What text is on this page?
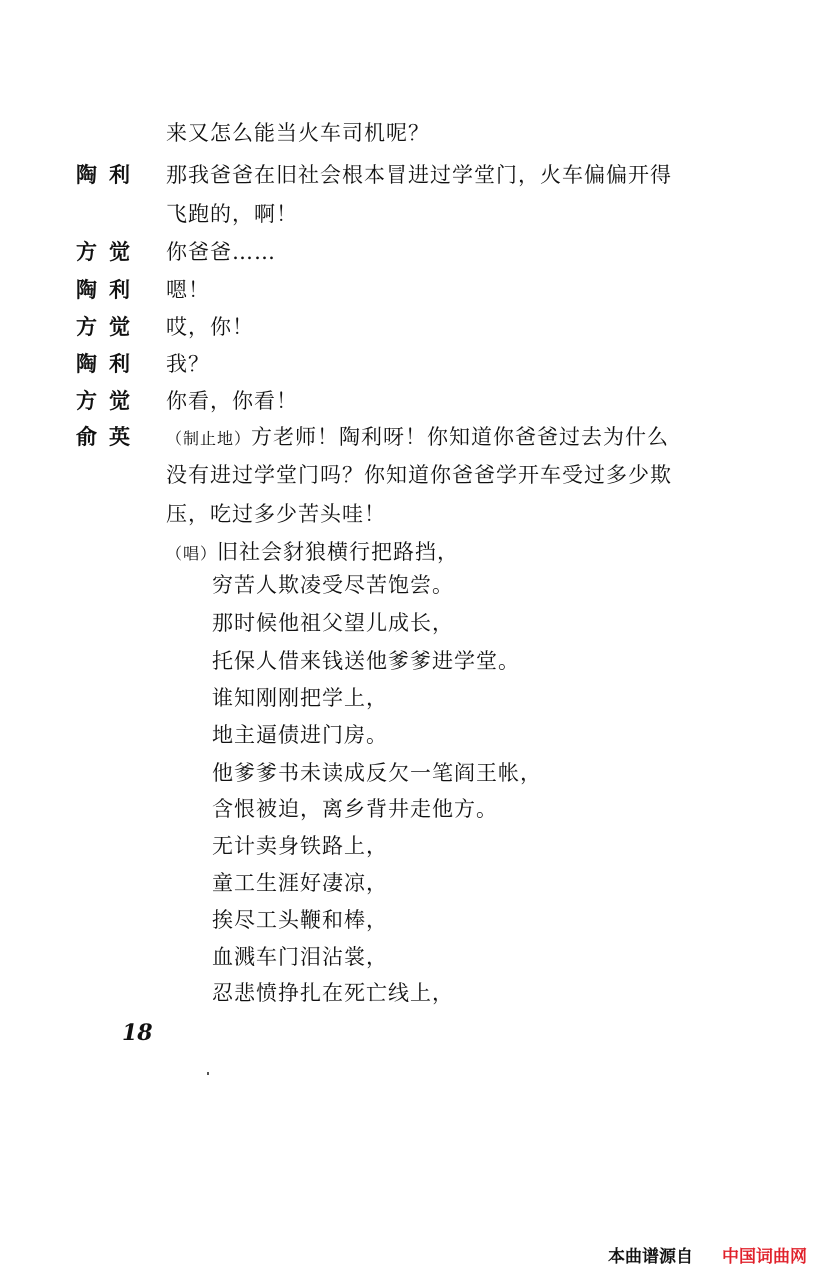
陶利
方觉
陶利
方觉
陶利
方觉
俞英
来又怎么能当火车司机呢？
那我爸爸在旧社会根本冒进过学堂门，火车偏偏开得
飞跑的，啊！
你爸爸……
嗯！
哎，你！
我？
你看，你看！
（制止地）方老师！陶利呀！你知道你爸爸过去为什么
没有进过学堂门吗？你知道你爸爸学开车受过多少欺
压，吃过多少苦头哇！
（唱）旧社会豺狼横行把路挡，
穷苦人欺凌受尽苦饱尝。
那时候他祖父望儿成长，
托保人借来钱送他爹爹进学堂。
谁知刚刚把学上，
地主逼债进门房。
他爹爹书未读成反欠一笔阎王帐，
含恨被迫，离乡背井走他方。
无计卖身铁路上，
童工生涯好凄凉，
挨尽工头鞭和棒，
血溅车门泪沾裳，
忍悲愤挣扎在死亡线上，
18
本曲谱源自 中国词曲网
